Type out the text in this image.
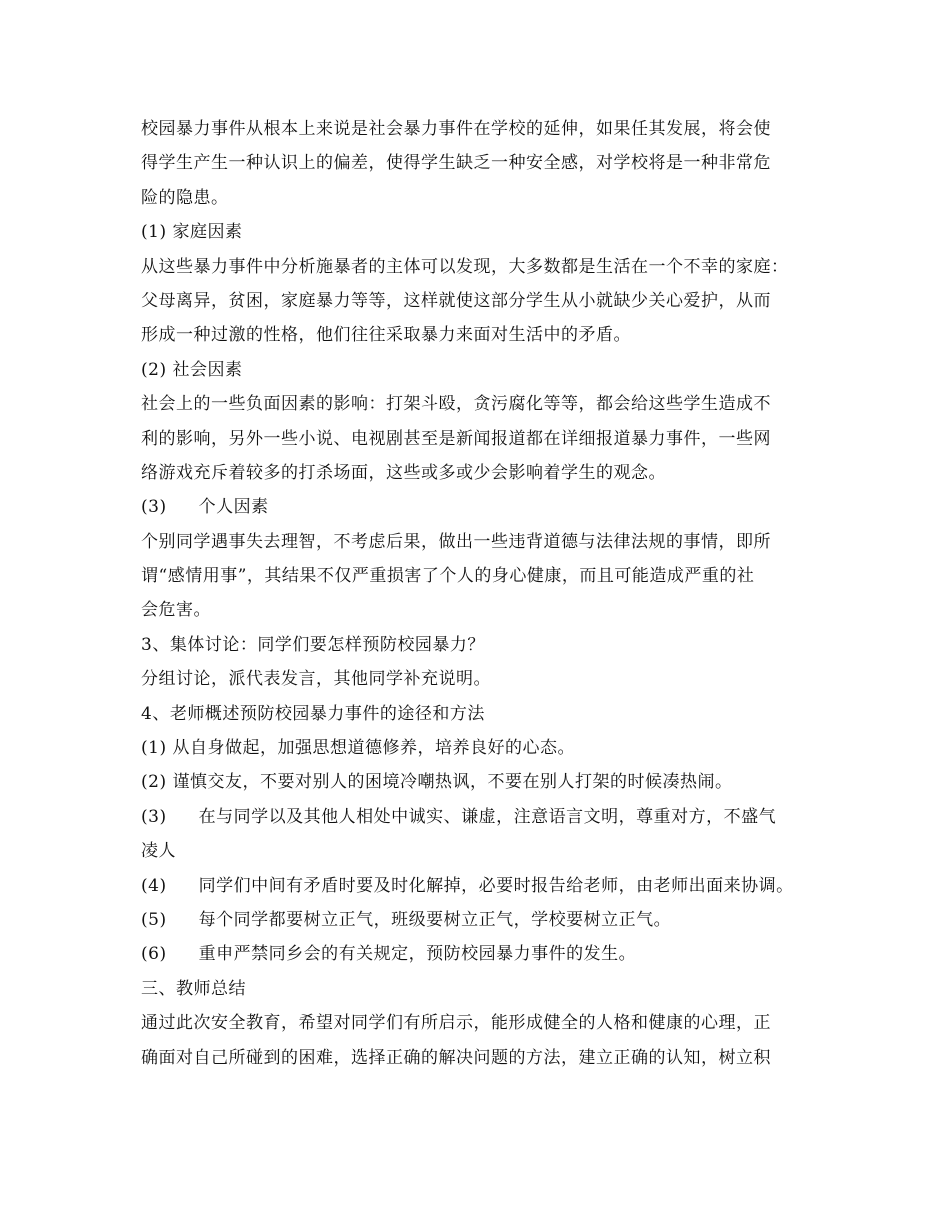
校园暴力事件从根本上来说是社会暴力事件在学校的延伸，如果任其发展，将会使
得学生产生一种认识上的偏差，使得学生缺乏一种安全感，对学校将是一种非常危
险的隐患。
(1) 家庭因素
从这些暴力事件中分析施暴者的主体可以发现，大多数都是生活在一个不幸的家庭：
父母离异，贫困，家庭暴力等等，这样就使这部分学生从小就缺少关心爱护，从而
形成一种过激的性格，他们往往采取暴力来面对生活中的矛盾。
(2) 社会因素
社会上的一些负面因素的影响：打架斗殴，贪污腐化等等，都会给这些学生造成不
利的影响，另外一些小说、电视剧甚至是新闻报道都在详细报道暴力事件，一些网
络游戏充斥着较多的打杀场面，这些或多或少会影响着学生的观念。
(3) 个人因素
个别同学遇事失去理智，不考虑后果，做出一些违背道德与法律法规的事情，即所
谓“感情用事”，其结果不仅严重损害了个人的身心健康，而且可能造成严重的社
会危害。
3、集体讨论：同学们要怎样预防校园暴力？
分组讨论，派代表发言，其他同学补充说明。
4、老师概述预防校园暴力事件的途径和方法
(1) 从自身做起，加强思想道德修养，培养良好的心态。
(2) 谨慎交友，不要对别人的困境冷嘲热讽，不要在别人打架的时候凑热闹。
(3) 在与同学以及其他人相处中诚实、谦虚，注意语言文明，尊重对方，不盛气
凌人
(4) 同学们中间有矛盾时要及时化解掉，必要时报告给老师，由老师出面来协调。
(5) 每个同学都要树立正气，班级要树立正气，学校要树立正气。
(6) 重申严禁同乡会的有关规定，预防校园暴力事件的发生。
三、教师总结
通过此次安全教育，希望对同学们有所启示，能形成健全的人格和健康的心理，正
确面对自己所碰到的困难，选择正确的解决问题的方法，建立正确的认知，树立积
